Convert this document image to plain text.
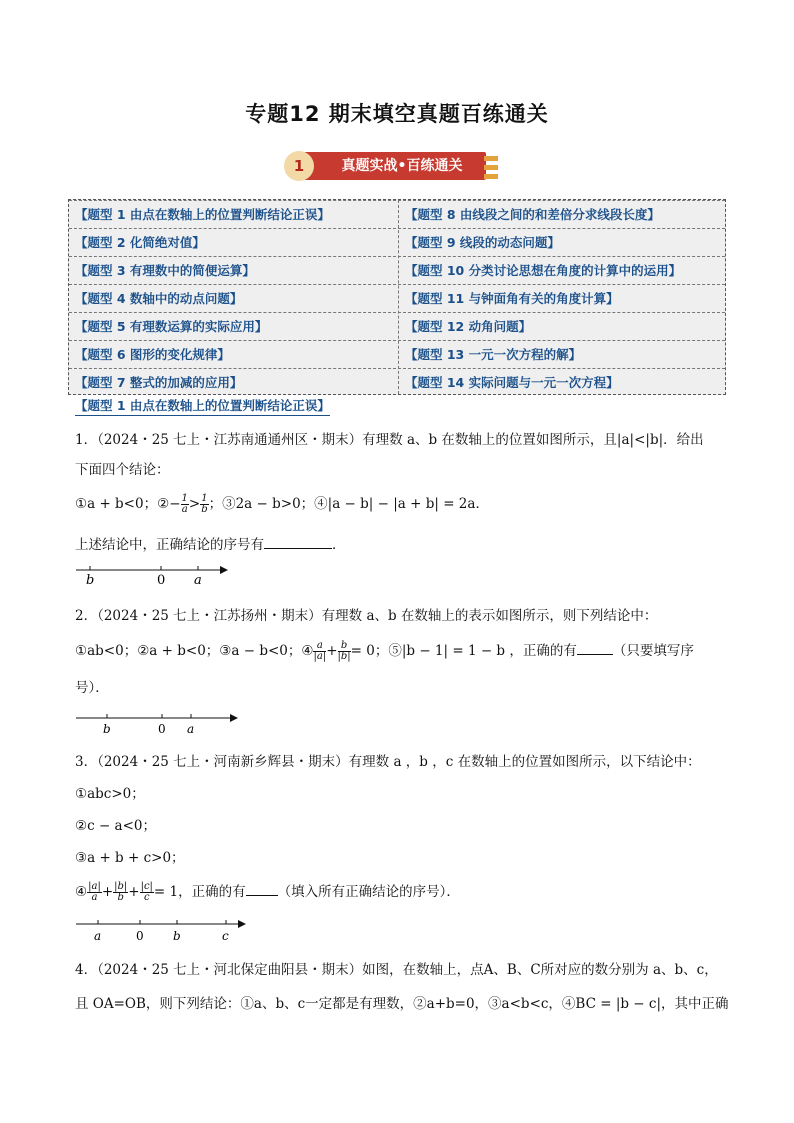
专题12 期末填空真题百练通关
真题实战•百练通关
1
【题型 1 由点在数轴上的位置判断结论正误】	【题型 8 由线段之间的和差倍分求线段长度】
【题型 2 化简绝对值】	【题型 9 线段的动态问题】
【题型 3 有理数中的简便运算】	【题型 10 分类讨论思想在角度的计算中的运用】
【题型 4 数轴中的动点问题】	【题型 11 与钟面角有关的角度计算】
【题型 5 有理数运算的实际应用】	【题型 12 动角问题】
【题型 6 图形的变化规律】	【题型 13 一元一次方程的解】
【题型 7 整式的加减的应用】	【题型 14 实际问题与一元一次方程】
【题型 1 由点在数轴上的位置判断结论正误】
1．（2024・25 七上・江苏南通通州区・期末）有理数 a、b 在数轴上的位置如图所示，且|a|<|b|．给出
下面四个结论：
①a + b<0；②− $\frac{1}{a} > \frac{1}{b}$ ；③2a − b>0；④|a − b| − |a + b| = 2a．
上述结论中，正确结论的序号有	．
b	0 a
2．（2024・25 七上・江苏扬州・期末）有理数 a、b 在数轴上的表示如图所示，则下列结论中：
①ab<0；②a + b<0；③a − b<0；④ $\frac{a}{|a|} + \frac{b}{|b|} = 0$；⑤|b − 1| = 1 − b ，正确的有	（只要填写序
号）．
b	0 a
3．（2024・25 七上・河南新乡辉县・期末）有理数 a ，b ，c 在数轴上的位置如图所示，以下结论中：
①abc>0；
②c − a<0；
③a + b + c>0；
④ $\frac{|a|}{a} + \frac{|b|}{b} + \frac{|c|}{c} = 1$，正确的有 （填入所有正确结论的序号）．
a	0 b	c
4．（2024・25 七上・河北保定曲阳县・期末）如图，在数轴上，点A、B、C所对应的数分别为 a、b、c，
且 OA=OB，则下列结论：①a、b、c一定都是有理数，②a+b=0，③a<b<c，④BC = |b − c|，其中正确
